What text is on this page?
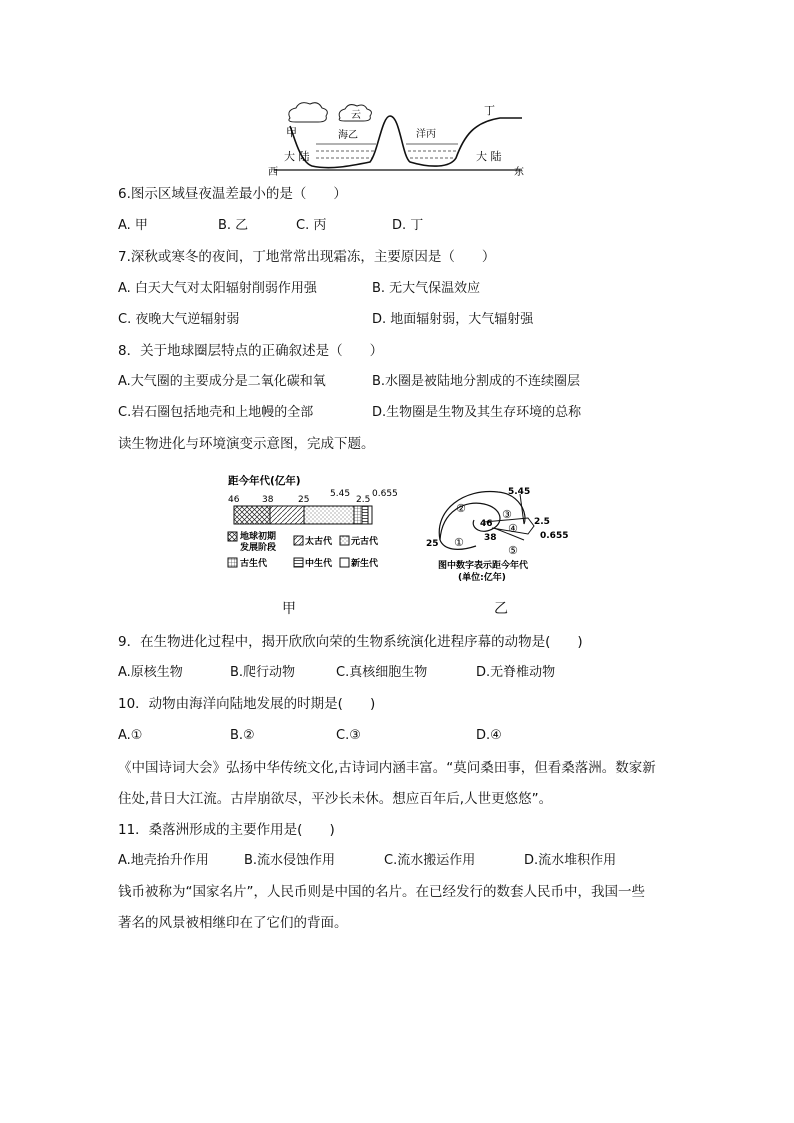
甲	海乙
云
洋丙
丁
大 陆	大 陆
西	东
6.图示区域昼夜温差最小的是（　　）
A. 甲	B. 乙	C. 丙	D. 丁
7.深秋或寒冬的夜间，丁地常常出现霜冻，主要原因是（　　）
A. 白天大气对太阳辐射削弱作用强	B. 无大气保温效应
C. 夜晚大气逆辐射弱	D. 地面辐射弱，大气辐射强
8．关于地球圈层特点的正确叙述是（　　）
A.大气圈的主要成分是二氧化碳和氧	B.水圈是被陆地分割成的不连续圈层
C.岩石圈包括地壳和上地幔的全部	D.生物圈是生物及其生存环境的总称
读生物进化与环境演变示意图，完成下题。
距今年代(亿年)
46	38	25
5.45
2.5
0.655
地球初期
发展阶段
太古代 元古代
古生代	中生代 新生代
甲
5.45
2.5
0.655
46
38
25
②	③
④
①
⑤
图中数字表示距今年代
(单位:亿年)
乙
9．在生物进化过程中，揭开欣欣向荣的生物系统演化进程序幕的动物是(　　)
A.原核生物	B.爬行动物	C.真核细胞生物	D.无脊椎动物
10．动物由海洋向陆地发展的时期是(　　)
A.①	B.②	C.③	D.④
《中国诗词大会》弘扬中华传统文化,古诗词内涵丰富。“莫问桑田事，但看桑落洲。数家新
住处,昔日大江流。古岸崩欲尽，平沙长未休。想应百年后,人世更悠悠”。
11．桑落洲形成的主要作用是(　　)
A.地壳抬升作用	B.流水侵蚀作用	C.流水搬运作用	D.流水堆积作用
钱币被称为“国家名片”，人民币则是中国的名片。在已经发行的数套人民币中，我国一些
著名的风景被相继印在了它们的背面。
